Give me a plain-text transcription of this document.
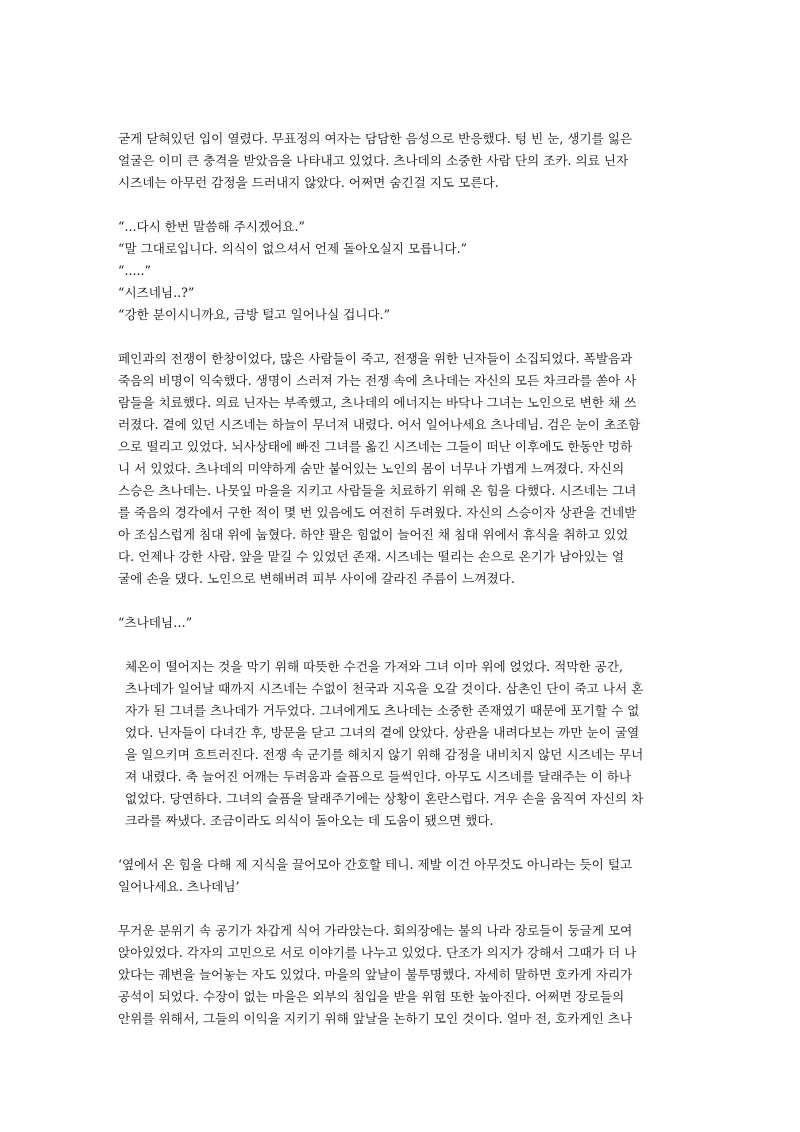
굳게 닫혀있던 입이 열렸다. 무표정의 여자는 담담한 음성으로 반응했다. 텅 빈 눈, 생기를 잃은
얼굴은 이미 큰 충격을 받았음을 나타내고 있었다. 츠나데의 소중한 사람 단의 조카. 의료 닌자
시즈네는 아무런 감정을 드러내지 않았다. 어쩌면 숨긴걸 지도 모른다.
“...다시 한번 말씀해 주시겠어요.”
“말 그대로입니다. 의식이 없으셔서 언제 돌아오실지 모릅니다.”
“.....”
“시즈네님..?”
“강한 분이시니까요, 금방 털고 일어나실 겁니다.”
페인과의 전쟁이 한창이었다, 많은 사람들이 죽고, 전쟁을 위한 닌자들이 소집되었다. 폭발음과
죽음의 비명이 익숙했다. 생명이 스러져 가는 전쟁 속에 츠나데는 자신의 모든 차크라를 쏟아 사
람들을 치료했다. 의료 닌자는 부족했고, 츠나데의 에너지는 바닥나 그녀는 노인으로 변한 채 쓰
러졌다. 곁에 있던 시즈네는 하늘이 무너져 내렸다. 어서 일어나세요 츠나데님. 검은 눈이 초조함
으로 떨리고 있었다. 뇌사상태에 빠진 그녀를 옮긴 시즈네는 그들이 떠난 이후에도 한동안 멍하
니 서 있었다. 츠나데의 미약하게 숨만 붙어있는 노인의 몸이 너무나 가볍게 느껴졌다. 자신의
스승은 츠나데는. 나뭇잎 마을을 지키고 사람들을 치료하기 위해 온 힘을 다했다. 시즈네는 그녀
를 죽음의 경각에서 구한 적이 몇 번 있음에도 여전히 두려웠다. 자신의 스승이자 상관을 건네받
아 조심스럽게 침대 위에 눕혔다. 하얀 팔은 힘없이 늘어진 채 침대 위에서 휴식을 취하고 있었
다. 언제나 강한 사람. 앞을 맡길 수 있었던 존재. 시즈네는 떨리는 손으로 온기가 남아있는 얼
굴에 손을 댔다. 노인으로 변해버려 피부 사이에 갈라진 주름이 느껴졌다.
“츠나데님…”
체온이 떨어지는 것을 막기 위해 따뜻한 수건을 가져와 그녀 이마 위에 얹었다. 적막한 공간,
츠나데가 일어날 때까지 시즈네는 수없이 천국과 지옥을 오갈 것이다. 삼촌인 단이 죽고 나서 혼
자가 된 그녀를 츠나데가 거두었다. 그녀에게도 츠나데는 소중한 존재였기 때문에 포기할 수 없
었다. 닌자들이 다녀간 후, 방문을 닫고 그녀의 곁에 앉았다. 상관을 내려다보는 까만 눈이 굴열
을 일으키며 흐트러진다. 전쟁 속 군기를 해치지 않기 위해 감정을 내비치지 않던 시즈네는 무너
져 내렸다. 축 늘어진 어깨는 두려움과 슬픔으로 들썩인다. 아무도 시즈네를 달래주는 이 하나
없었다. 당연하다. 그녀의 슬픔을 달래주기에는 상황이 혼란스럽다. 겨우 손을 움직여 자신의 차
크라를 짜냈다. 조금이라도 의식이 돌아오는 데 도움이 됐으면 했다.
‘옆에서 온 힘을 다해 제 지식을 끌어모아 간호할 테니. 제발 이건 아무것도 아니라는 듯이 털고
일어나세요. 츠나데님’
무거운 분위기 속 공기가 차갑게 식어 가라앉는다. 회의장에는 불의 나라 장로들이 둥글게 모여
앉아있었다. 각자의 고민으로 서로 이야기를 나누고 있었다. 단조가 의지가 강해서 그때가 더 나
았다는 궤변을 늘어놓는 자도 있었다. 마을의 앞날이 불투명했다. 자세히 말하면 호카게 자리가
공석이 되었다. 수장이 없는 마을은 외부의 침입을 받을 위험 또한 높아진다. 어쩌면 장로들의
안위를 위해서, 그들의 이익을 지키기 위해 앞날을 논하기 모인 것이다. 얼마 전, 호카게인 츠나
